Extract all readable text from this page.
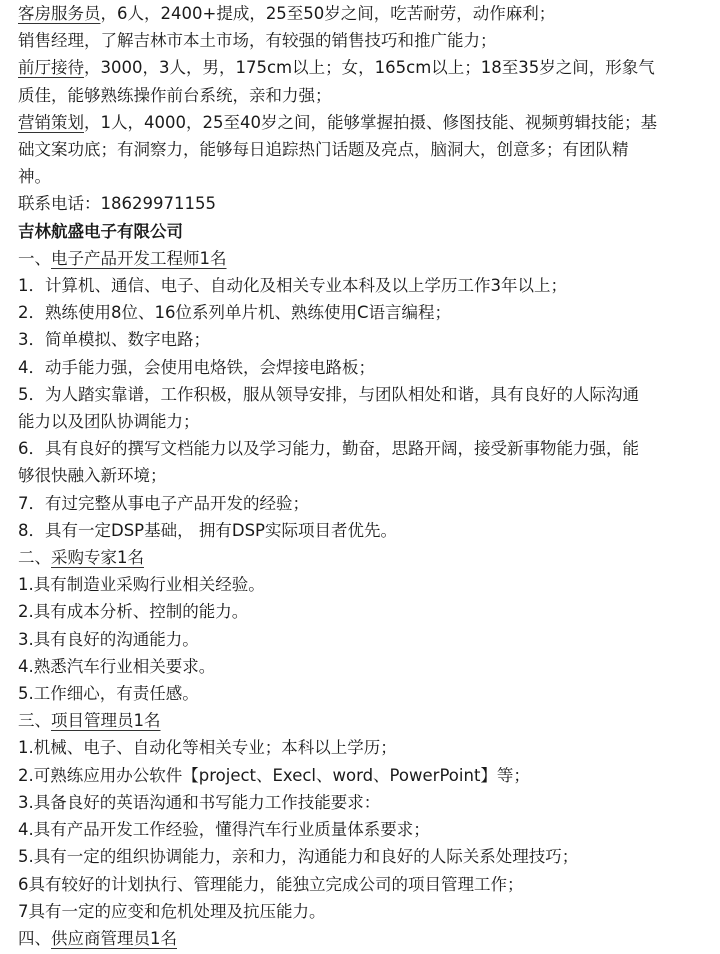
客房服务员，6人，2400+提成，25至50岁之间，吃苦耐劳，动作麻利；
销售经理，了解吉林市本土市场，有较强的销售技巧和推广能力；
前厅接待，3000，3人，男，175cm以上；女，165cm以上；18至35岁之间，形象气
质佳，能够熟练操作前台系统，亲和力强；
营销策划，1人，4000，25至40岁之间，能够掌握拍摄、修图技能、视频剪辑技能；基
础文案功底；有洞察力，能够每日追踪热门话题及亮点，脑洞大，创意多；有团队精
神。
联系电话：18629971155
吉林航盛电子有限公司
一、电子产品开发工程师1名
1．计算机、通信、电子、自动化及相关专业本科及以上学历工作3年以上；
2．熟练使用8位、16位系列单片机、熟练使用C语言编程；
3．简单模拟、数字电路；
4．动手能力强，会使用电烙铁，会焊接电路板；
5．为人踏实靠谱，工作积极，服从领导安排，与团队相处和谐，具有良好的人际沟通
能力以及团队协调能力；
6．具有良好的撰写文档能力以及学习能力，勤奋，思路开阔，接受新事物能力强，能
够很快融入新环境；
7．有过完整从事电子产品开发的经验；
8．具有一定DSP基础， 拥有DSP实际项目者优先。
二、采购专家1名
1.具有制造业采购行业相关经验。
2.具有成本分析、控制的能力。
3.具有良好的沟通能力。
4.熟悉汽车行业相关要求。
5.工作细心，有责任感。
三、项目管理员1名
1.机械、电子、自动化等相关专业；本科以上学历；
2.可熟练应用办公软件【project、Execl、word、PowerPoint】等；
3.具备良好的英语沟通和书写能力工作技能要求：
4.具有产品开发工作经验，懂得汽车行业质量体系要求；
5.具有一定的组织协调能力，亲和力，沟通能力和良好的人际关系处理技巧；
6具有较好的计划执行、管理能力，能独立完成公司的项目管理工作；
7具有一定的应变和危机处理及抗压能力。
四、供应商管理员1名
